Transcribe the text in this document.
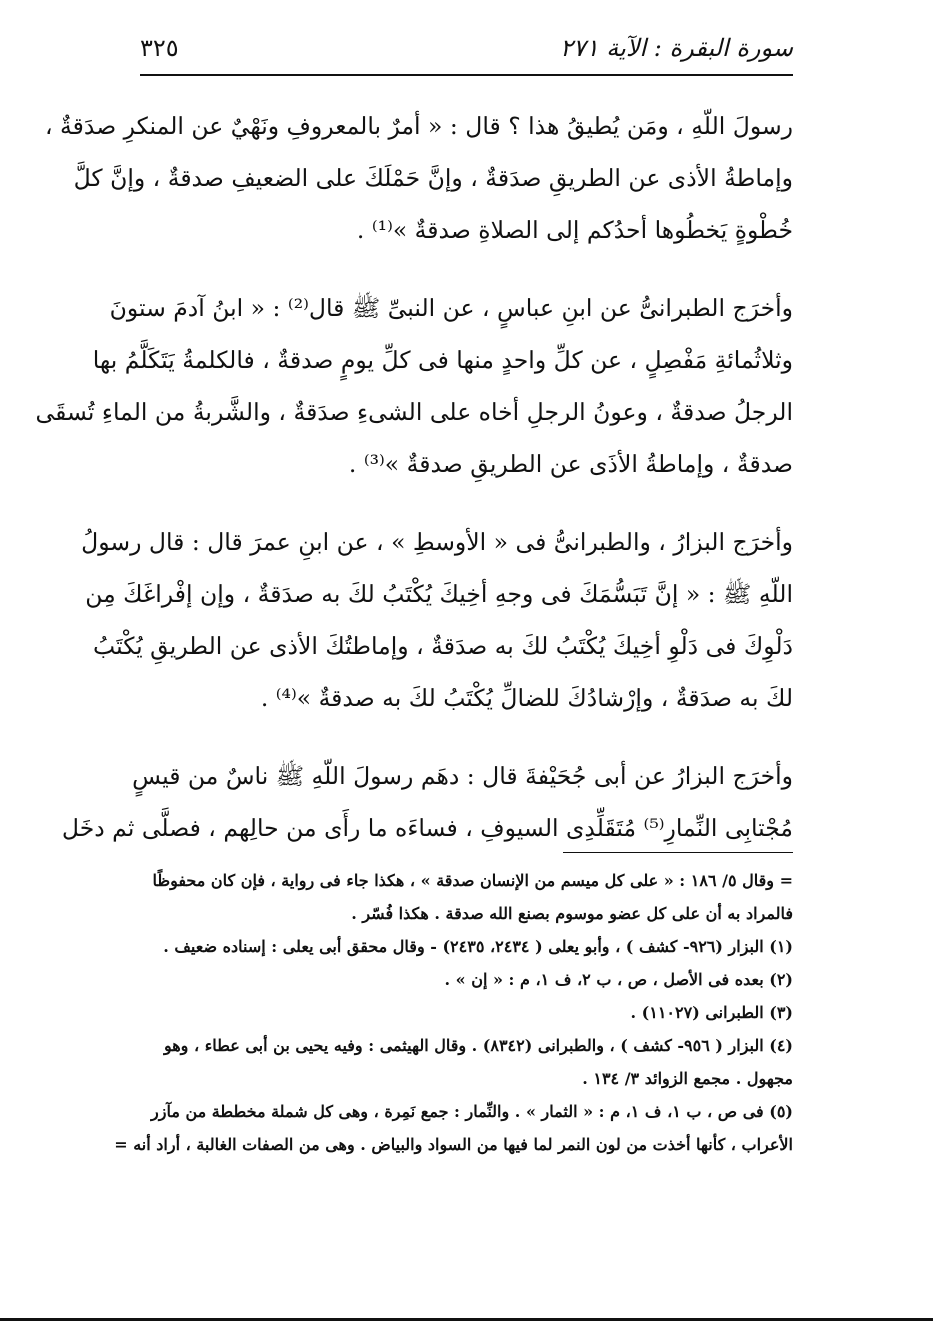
سورة البقرة : الآية ٢٧١
٣٢٥
رسولَ اللّهِ ، ومَن يُطيقُ هذا ؟ قال : « أمرٌ بالمعروفِ ونَهْيٌ عن المنكرِ صدَقةٌ ،
وإماطةُ الأذى عن الطريقِ صدَقةٌ ، وإنَّ حَمْلَكَ على الضعيفِ صدقةٌ ، وإنَّ كلَّ
خُطْوةٍ يَخطُوها أحدُكم إلى الصلاةِ صدقةٌ »⁽¹⁾ .
وأخرَج الطبرانىُّ عن ابنِ عباسٍ ، عن النبىِّ ﷺ قال⁽²⁾ : « ابنُ آدمَ ستونَ
وثلاثُمائةِ مَفْصِلٍ ، عن كلِّ واحدٍ منها فى كلِّ يومٍ صدقةٌ ، فالكلمةُ يَتَكَلَّمُ بها
الرجلُ صدقةٌ ، وعونُ الرجلِ أخاه على الشىءِ صدَقةٌ ، والشَّربةُ من الماءِ تُسقَى
صدقةٌ ، وإماطةُ الأذَى عن الطريقِ صدقةٌ »⁽³⁾ .
وأخرَج البزارُ ، والطبرانىُّ فى « الأوسطِ » ، عن ابنِ عمرَ قال : قال رسولُ
اللّهِ ﷺ : « إنَّ تَبَسُّمَكَ فى وجهِ أخِيكَ يُكْتَبُ لكَ به صدَقةٌ ، وإن إفْراغَكَ مِن
دَلْوِكَ فى دَلْوِ أخِيكَ يُكْتَبُ لكَ به صدَقةٌ ، وإماطتُكَ الأذى عن الطريقِ يُكْتَبُ
لكَ به صدَقةٌ ، وإرْشادُكَ للضالِّ يُكْتَبُ لكَ به صدقةٌ »⁽⁴⁾ .
وأخرَج البزارُ عن أبى جُحَيْفةَ قال : دهَم رسولَ اللّهِ ﷺ ناسٌ من قيسٍ
مُجْتابِى النِّمارِ⁽⁵⁾ مُتَقَلِّدِى السيوفِ ، فساءَه ما رأَى من حالِهم ، فصلَّى ثم دخَل
= وقال ٥/ ١٨٦ : « على كل ميسم من الإنسان صدقة » ، هكذا جاء فى رواية ، فإن كان محفوظًا
فالمراد به أن على كل عضو موسوم بصنع الله صدقة . هكذا فُسّر .
(١) البزار (٩٢٦- كشف ) ، وأبو يعلى ( ٢٤٣٤، ٢٤٣٥) - وقال محقق أبى يعلى : إسناده ضعيف .
(٢) بعده فى الأصل ، ص ، ب ٢، ف ١، م : « إن » .
(٣) الطبرانى (١١٠٢٧) .
(٤) البزار ( ٩٥٦- كشف ) ، والطبرانى (٨٣٤٢) . وقال الهيثمى : وفيه يحيى بن أبى عطاء ، وهو
مجهول . مجمع الزوائد ٣/ ١٣٤ .
(٥) فى ص ، ب ١، ف ١، م : « الثمار » . والنِّمار : جمع نَمِرة ، وهى كل شملة مخططة من مآزر
الأعراب ، كأنها أخذت من لون النمر لما فيها من السواد والبياض . وهى من الصفات الغالبة ، أراد أنه =
